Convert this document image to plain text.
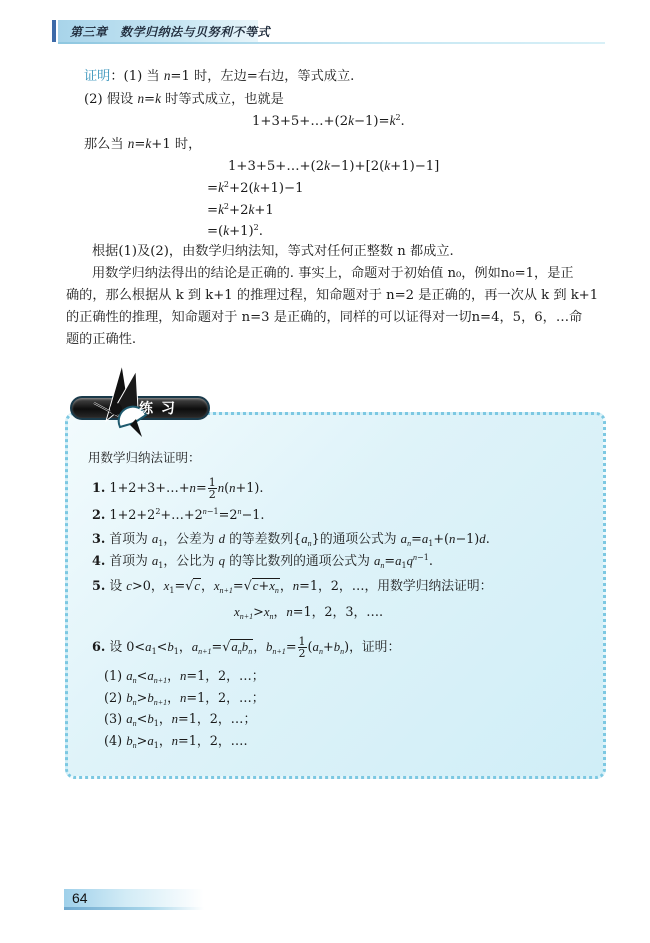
第三章　数学归纳法与贝努利不等式
证明：(1) 当 n=1 时，左边=右边，等式成立.
(2) 假设 n=k 时等式成立，也就是
$1+3+5+\dots+(2k-1)=k^2$.
那么当 n=k+1 时，
1+3+5+…+(2k−1)+[2(k+1)−1]
$=k^2+2(k+1)-1$
$=k^2+2k+1$
$=(k+1)^2$.
根据(1)及(2)，由数学归纳法知，等式对任何正整数 n 都成立.
用数学归纳法得出的结论是正确的. 事实上，命题对于初始值 n₀，例如n₀=1，是正
确的，那么根据从 k 到 k+1 的推理过程，知命题对于 n=2 是正确的，再一次从 k 到 k+1
的正确性的推理，知命题对于 n=3 是正确的，同样的可以证得对一切n=4，5，6，…命
题的正确性.
练习
用数学归纳法证明：
1. 1+2+3+…+n= $\frac{1}{2} n(n+1)$.
2. $1+2+2^2+\dots+2^{n-1}=2^n-1$.
3. 首项为 $a_1$，公差为 d 的等差数列$\{a_n\}$的通项公式为 $a_n=a_1+(n-1)d$.
4. 首项为 $a_1$，公比为 q 的等比数列的通项公式为 $a_n=a_1q^{n-1}$.
5. 设 c>0，$x_1=√c$，$x_{n+1}=√c+x_n$，n=1，2，…，用数学归纳法证明：
$x_{n+1}>x_n$，n=1，2，3，….
6. 设 $0<a_1<b_1$，$a_{n+1}=√a_nb_n$，$b_{n+1}= \frac{1}{2} (a_n+b_n)$，证明：
(1) $a_n<a_{n+1}$，n=1，2，…；
(2) $b_n>b_{n+1}$，n=1，2，…；
(3) $a_n<b_1$，n=1，2，…；
(4) $b_n>a_1$，n=1，2，….
64
